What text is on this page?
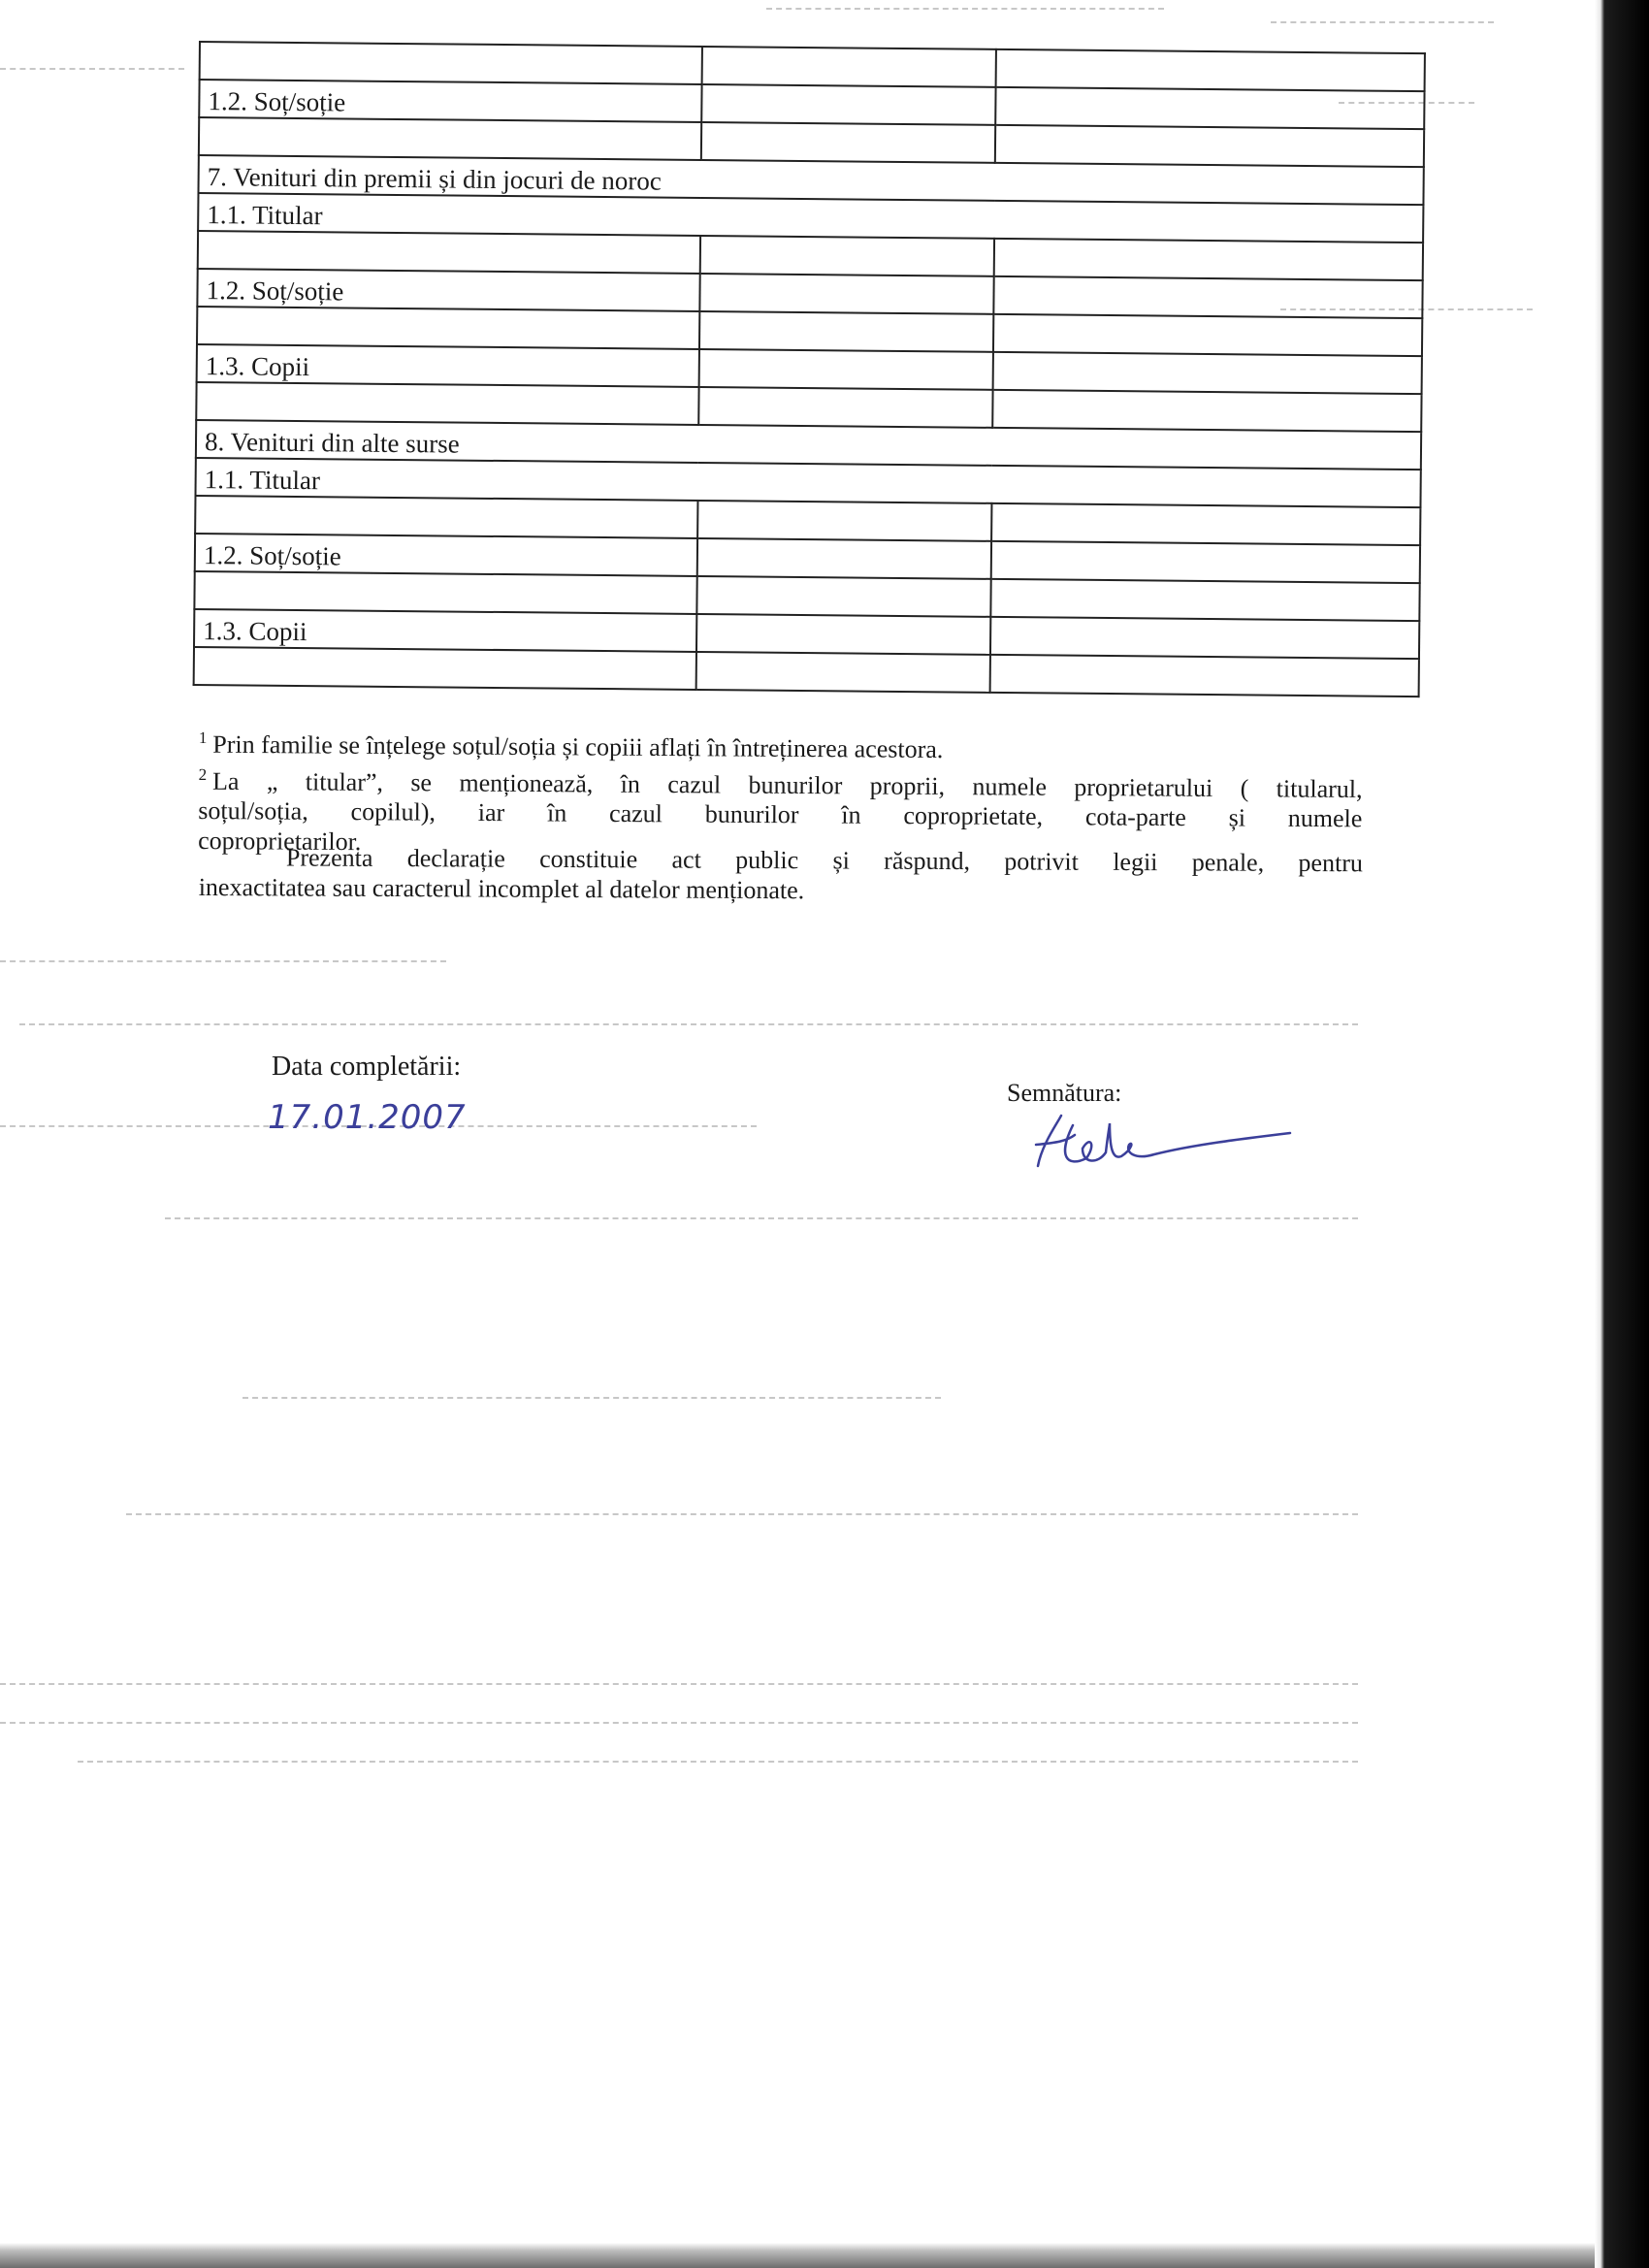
1.2. Soț/soție		

7. Venituri din premii și din jocuri de noroc		
1.1. Titular		

1.2. Soț/soție		

1.3. Copii		

8. Venituri din alte surse		
1.1. Titular		

1.2. Soț/soție		

1.3. Copii		

$^1$ Prin familie se înțelege soțul/soția și copiii aflați în întreținerea acestora.

$^2$ La „ titular”, se menționează, în cazul bunurilor proprii, numele proprietarului ( titularul,

soțul/soția, copilul), iar în cazul bunurilor în coproprietate, cota-parte și numele

coproprietarilor.

Prezenta declarație constituie act public și răspund, potrivit legii penale, pentru

inexactitatea sau caracterul incomplet al datelor menționate.

Data completării:
17.01.2007
Semnătura:
